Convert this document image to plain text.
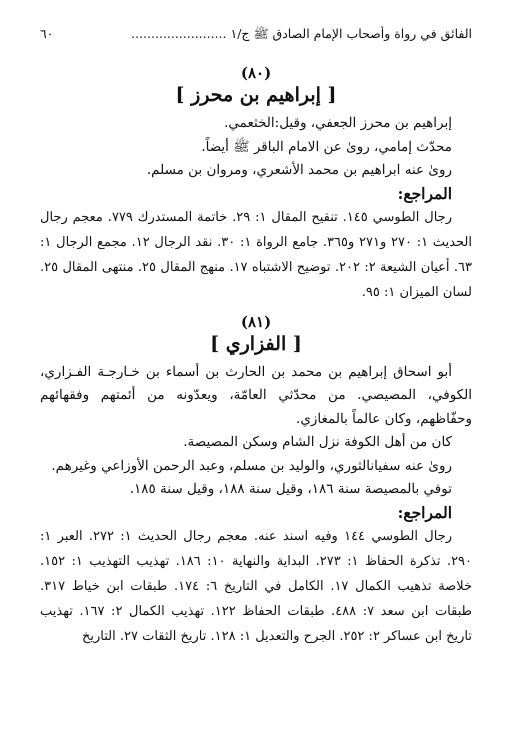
٦٠	الفائق في رواة وأصحاب الإمام الصادق ﷺ ج/١ ........................

(٨٠)

[ إبراهيم بن محرز ]

إبراهيم بن محرز الجعفي، وقيل:الخثعمي.

محدّث إمامي، روىٰ عن الامام الباقر ﷺ أيضاً.

روىٰ عنه ابراهيم بن محمد الأشعري، ومروان بن مسلم.

المراجع:

رجال الطوسي ١٤٥. تنقيح المقال ١: ٢٩. خاتمة المستدرك ٧٧٩. معجم رجال الحديث ١: ٢٧٠ و٢٧١ و٣٦٥. جامع الرواة ١: ٣٠. نقد الرجال ١٢. مجمع الرجال ١: ٦٣. أعيان الشيعة ٢: ٢٠٢. توضيح الاشتباه ١٧. منهج المقال ٢٥. منتهى المقال ٢٥. لسان الميزان ١: ٩٥.

(٨١)

[ الفزاري ]

أبو اسحاق إبراهيم بن محمد بن الحارث بن أسماء بن خـارجـة الفـزاري، الكوفي، المصيصي. من محدّثي العامّة، ويعدّونه من أئمتهم وفقهائهم وحفّاظهم، وكان عالماً بالمغازي.

كان من أهل الكوفة نزل الشام وسكن المصيصة.

روىٰ عنه سفيانالثوري، والوليد بن مسلم، وعبد الرحمن الأوزاعي وغيرهم.

توفي بالمصيصة سنة ١٨٦، وقيل سنة ١٨٨، وقيل سنة ١٨٥.

المراجع:

رجال الطوسي ١٤٤ وفيه اسند عنه. معجم رجال الحديث ١: ٢٧٢. العبر ١: ٢٩٠. تذكرة الحفاظ ١: ٢٧٣. البداية والنهاية ١٠: ١٨٦. تهذيب التهذيب ١: ١٥٢. خلاصة تذهيب الكمال ١٧. الكامل في التاريخ ٦: ١٧٤. طبقات ابن خياط ٣١٧. طبقات ابن سعد ٧: ٤٨٨. طبقات الحفاظ ١٢٢. تهذيب الكمال ٢: ١٦٧. تهذيب تاريخ ابن عساكر ٢: ٢٥٢. الجرح والتعديل ١: ١٢٨. تاريخ الثقات ٢٧. التاريخ
